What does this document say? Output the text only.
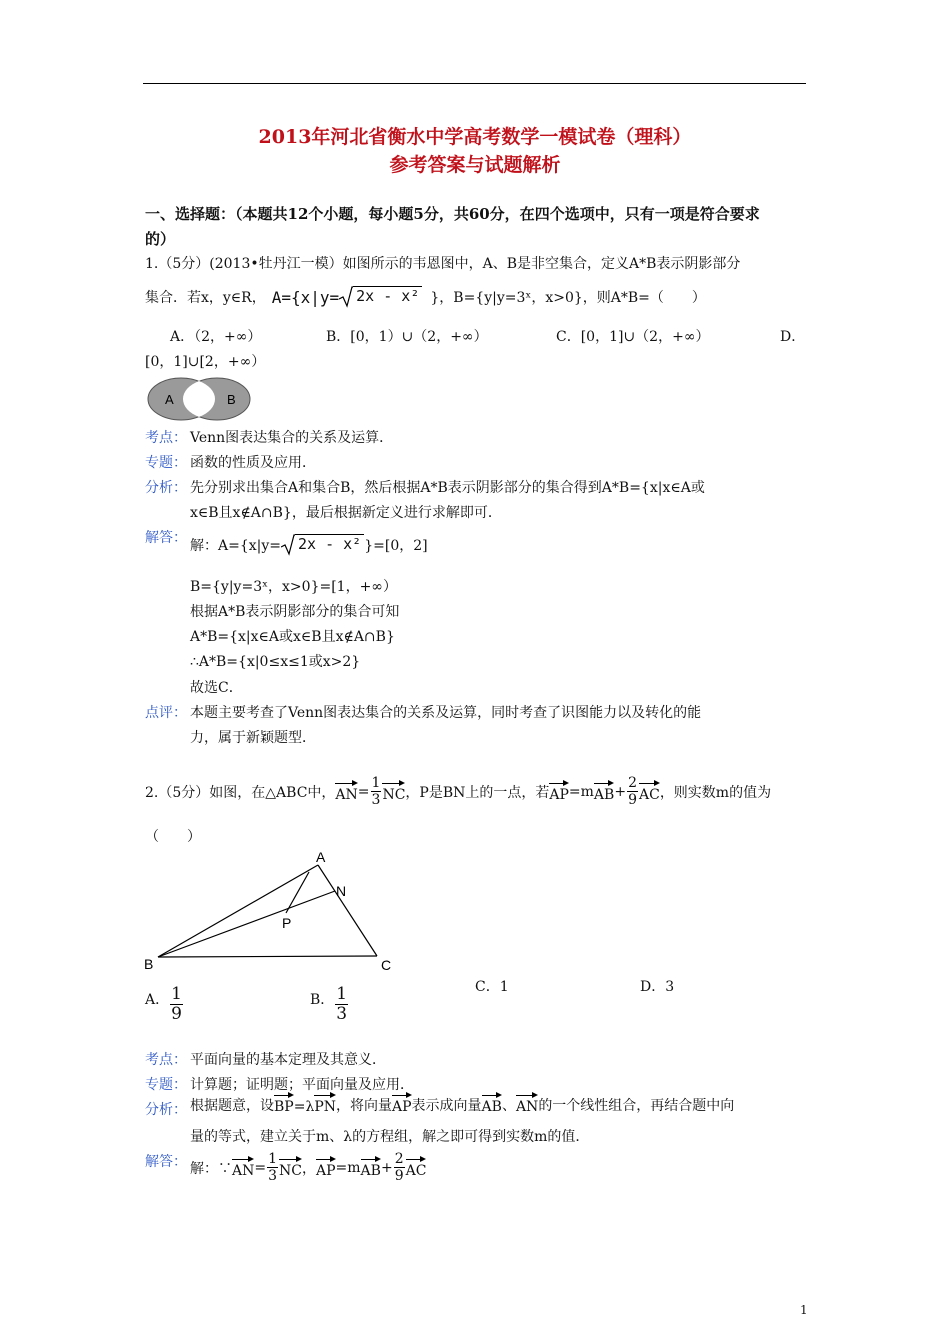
2013年河北省衡水中学高考数学一模试卷（理科）
参考答案与试题解析
一、选择题：（本题共12个小题，每小题5分，共60分，在四个选项中，只有一项是符合要求
的）
1.（5分）(2013•牡丹江一模）如图所示的韦恩图中，A、B是非空集合，定义A*B表示阴影部分
集合．若x，y∈R， A={x|y=	2x - x² }，B={y|y=3ˣ，x>0}，则A*B=（　　）
A．（2，+∞）	B．[0，1）∪（2，+∞）	C．[0，1]∪（2，+∞）	D．
[0，1]∪[2，+∞）
A	B
考点： Venn图表达集合的关系及运算．
专题： 函数的性质及应用．
分析： 先分别求出集合A和集合B，然后根据A*B表示阴影部分的集合得到A*B={x|x∈A或
x∈B且x∉A∩B}，最后根据新定义进行求解即可．
解答： 解：A={x|y=	2x - x² }=[0，2]
B={y|y=3ˣ，x>0}=[1，+∞）
根据A*B表示阴影部分的集合可知
A*B={x|x∈A或x∈B且x∉A∩B}
∴A*B={x|0≤x≤1或x>2}
故选C．
点评： 本题主要考查了Venn图表达集合的关系及运算，同时考查了识图能力以及转化的能
力，属于新颖题型．
2.（5分）如图，在△ABC中， AN = $\frac{1}{3}$ NC ，P是BN上的一点，若 AP =m AB + $\frac{2}{9}$ AC ，则实数m的值为
（　　）
A
N
P
B	C
A． $\frac{1}{9}$	B． $\frac{1}{3}$	C．1	D．3
考点： 平面向量的基本定理及其意义．
专题： 计算题；证明题；平面向量及应用．
分析： 根据题意，设 BP =λ PN ，将向量 AP 表示成向量 AB 、 AN 的一个线性组合，再结合题中向
量的等式，建立关于m、λ的方程组，解之即可得到实数m的值．
解答： 解：∵ AN = $\frac{1}{3}$ NC ， AP =m AB + $\frac{2}{9}$ AC
1
